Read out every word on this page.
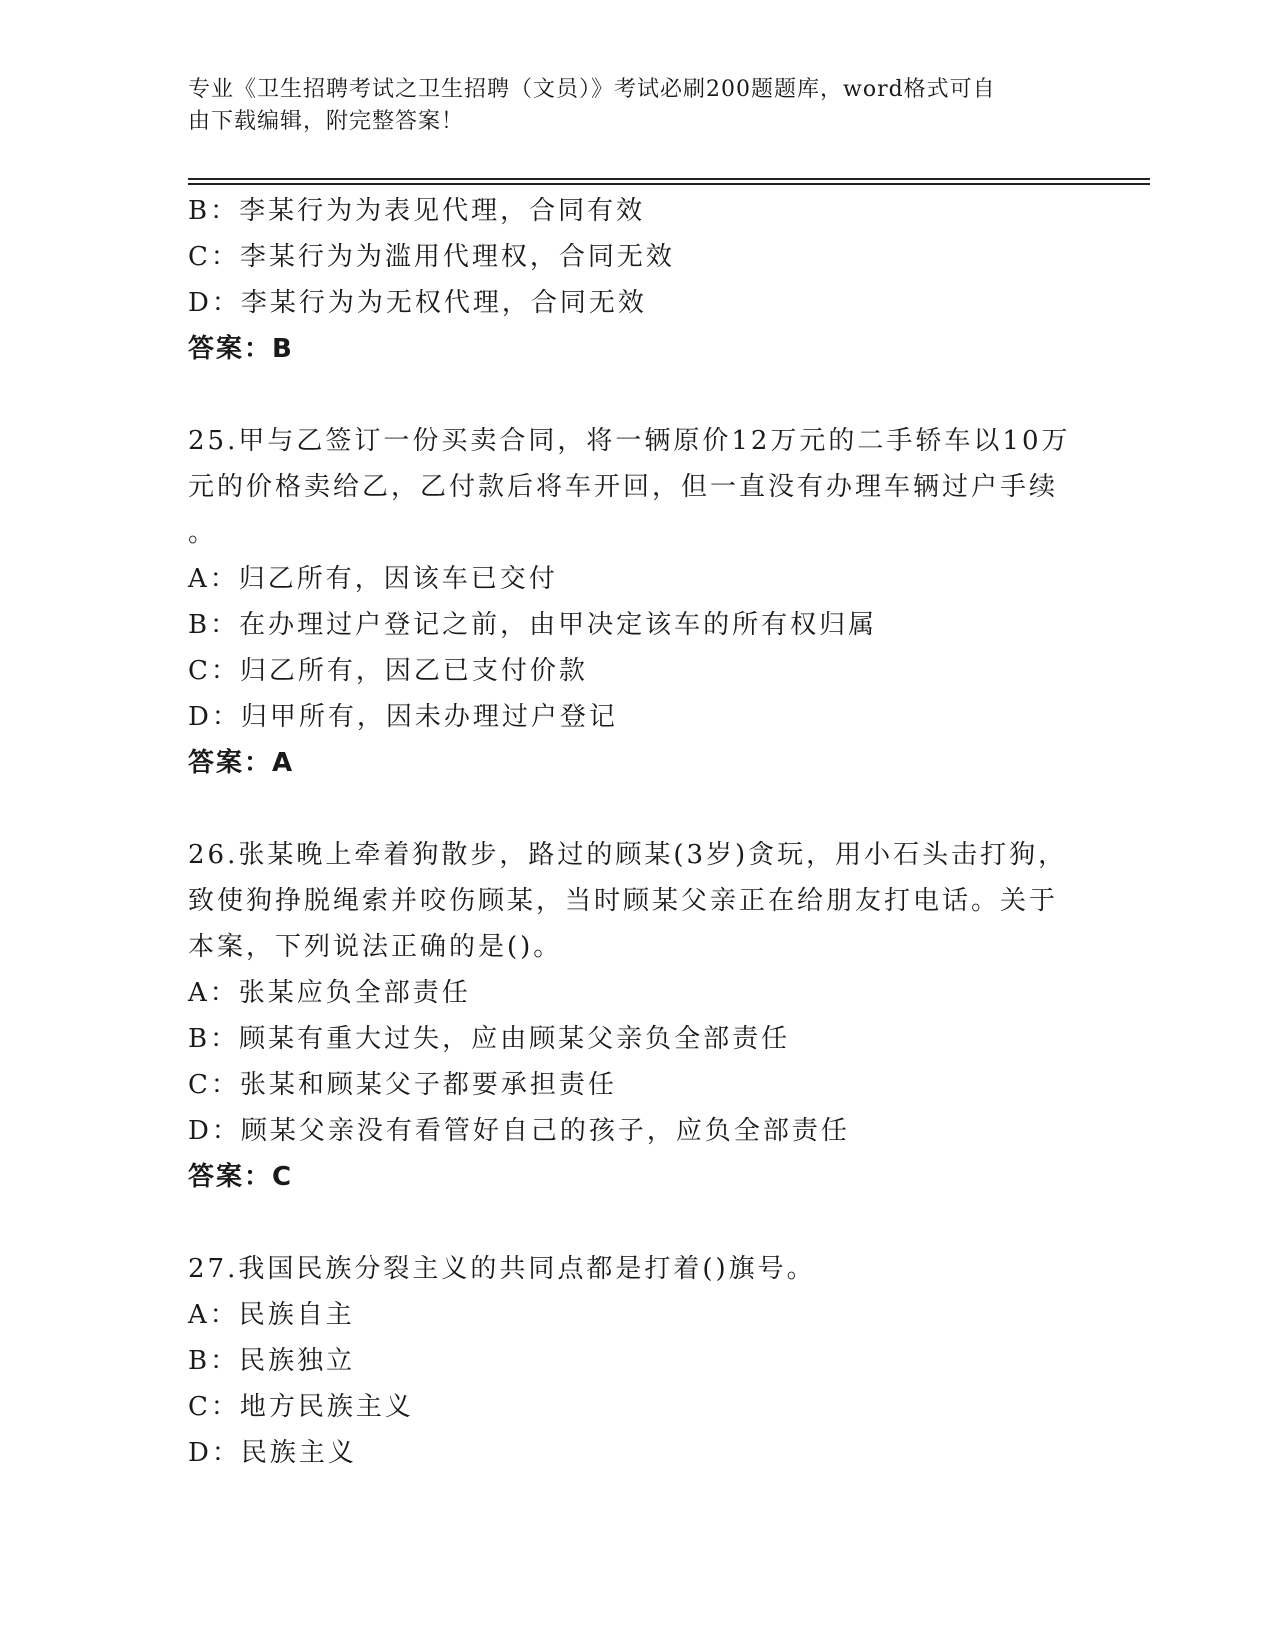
专业《卫生招聘考试之卫生招聘（文员）》考试必刷200题题库，word格式可自
由下载编辑，附完整答案！
B：李某行为为表见代理，合同有效
C：李某行为为滥用代理权，合同无效
D：李某行为为无权代理，合同无效
答案：B
25.甲与乙签订一份买卖合同，将一辆原价12万元的二手轿车以10万
元的价格卖给乙，乙付款后将车开回，但一直没有办理车辆过户手续
。
A：归乙所有，因该车已交付
B：在办理过户登记之前，由甲决定该车的所有权归属
C：归乙所有，因乙已支付价款
D：归甲所有，因未办理过户登记
答案：A
26.张某晚上牵着狗散步，路过的顾某(3岁)贪玩，用小石头击打狗，
致使狗挣脱绳索并咬伤顾某，当时顾某父亲正在给朋友打电话。关于
本案，下列说法正确的是()。
A：张某应负全部责任
B：顾某有重大过失，应由顾某父亲负全部责任
C：张某和顾某父子都要承担责任
D：顾某父亲没有看管好自己的孩子，应负全部责任
答案：C
27.我国民族分裂主义的共同点都是打着()旗号。
A：民族自主
B：民族独立
C：地方民族主义
D：民族主义
